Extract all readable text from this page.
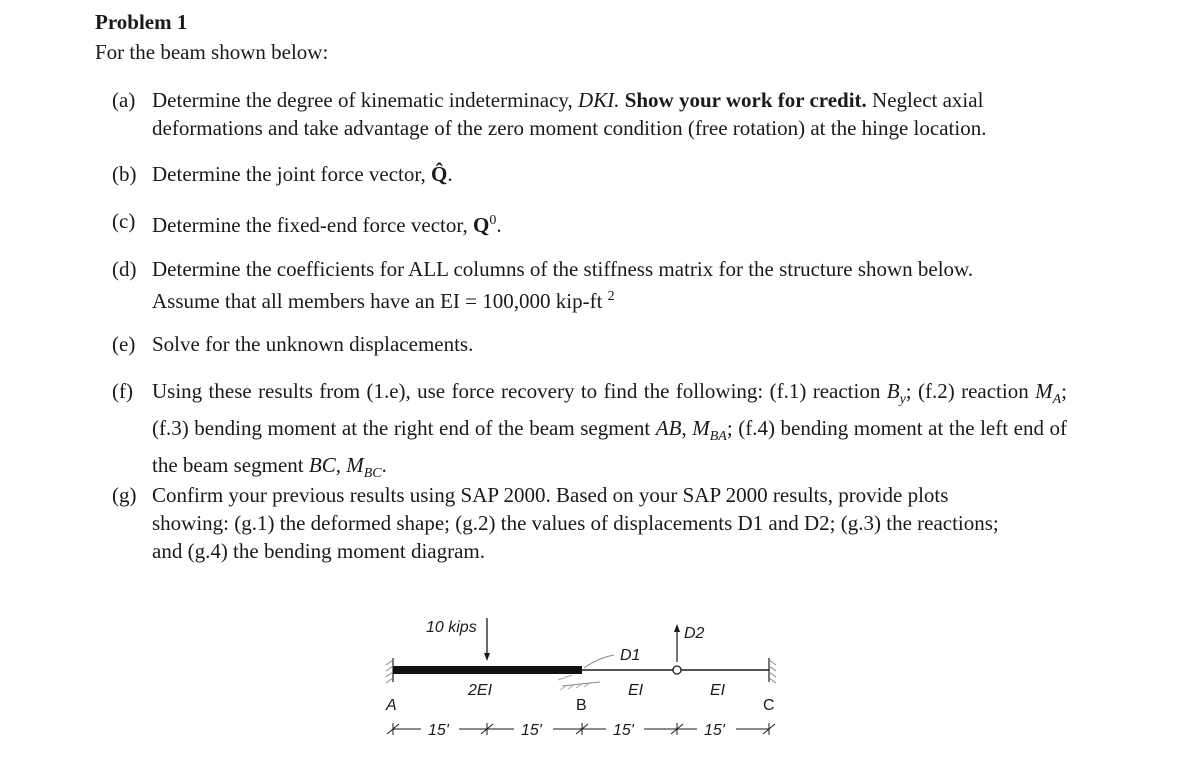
Problem 1
For the beam shown below:
(a) Determine the degree of kinematic indeterminacy, DKI. Show your work for credit. Neglect axial
deformations and take advantage of the zero moment condition (free rotation) at the hinge location.
(b) Determine the joint force vector, Q̂.
(c) Determine the fixed-end force vector, $Q^0$.
(d) Determine the coefficients for ALL columns of the stiffness matrix for the structure shown below.
Assume that all members have an EI = 100,000 kip-ft $^2$
(e) Solve for the unknown displacements.
(f) Using these results from (1.e), use force recovery to find the following: (f.1) reaction $B_y$; (f.2) reaction $M_A$; (f.3) bending moment at the right end of the beam segment AB, $M_{BA}$; (f.4) bending moment at the left end of the beam segment BC, $M_{BC}$.
(g) Confirm your previous results using SAP 2000. Based on your SAP 2000 results, provide plots
showing: (g.1) the deformed shape; (g.2) the values of displacements D1 and D2; (g.3) the reactions;
and (g.4) the bending moment diagram.
10 kips
D1
D2
2EI	EI	EI
A	B	C
15'	15'	15'	15'
